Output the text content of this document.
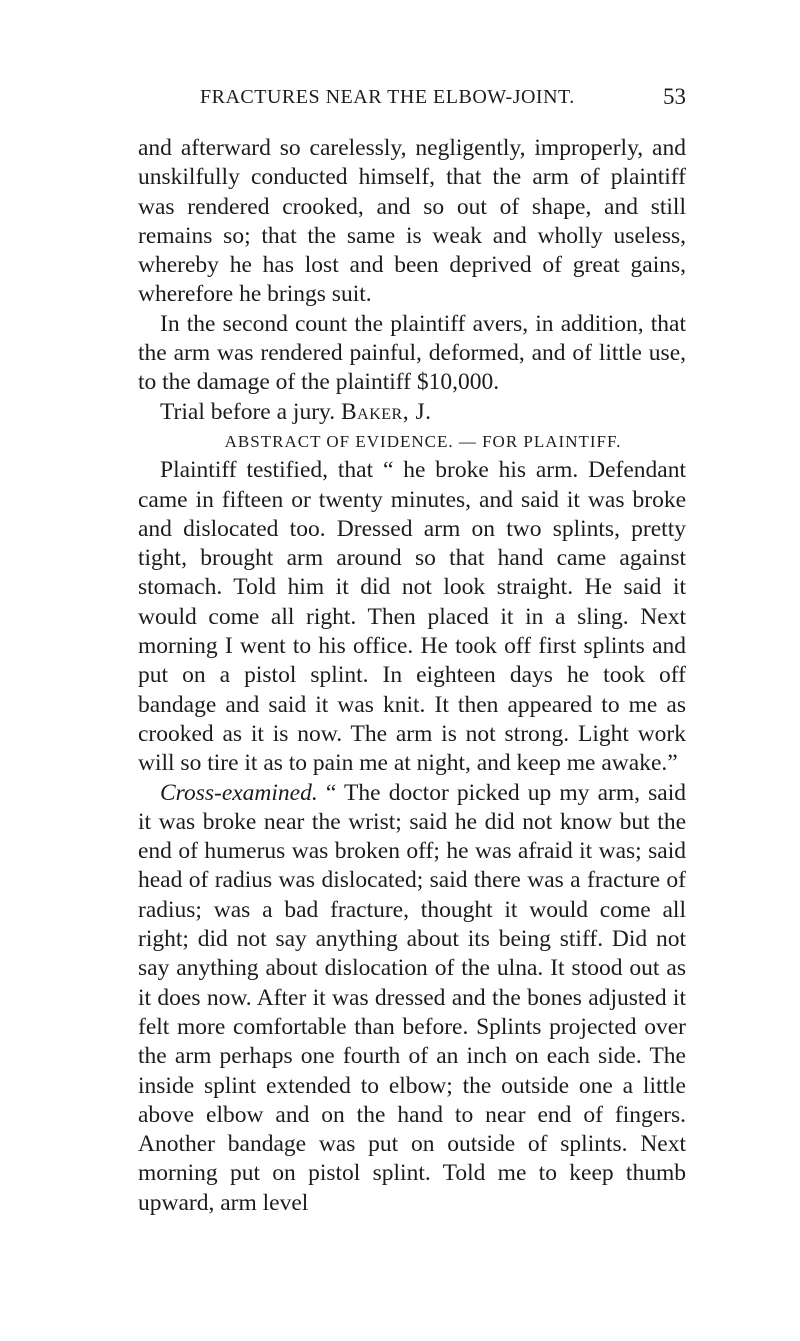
FRACTURES NEAR THE ELBOW-JOINT.	53

and afterward so carelessly, negligently, improperly, and unskilfully conducted himself, that the arm of plaintiff was rendered crooked, and so out of shape, and still remains so; that the same is weak and wholly useless, whereby he has lost and been deprived of great gains, wherefore he brings suit.

In the second count the plaintiff avers, in addition, that the arm was rendered painful, deformed, and of little use, to the damage of the plaintiff $10,000.

Trial before a jury. Baker, J.

ABSTRACT OF EVIDENCE. — FOR PLAINTIFF.

Plaintiff testified, that “ he broke his arm. Defendant came in fifteen or twenty minutes, and said it was broke and dislocated too. Dressed arm on two splints, pretty tight, brought arm around so that hand came against stomach. Told him it did not look straight. He said it would come all right. Then placed it in a sling. Next morning I went to his office. He took off first splints and put on a pistol splint. In eighteen days he took off bandage and said it was knit. It then appeared to me as crooked as it is now. The arm is not strong. Light work will so tire it as to pain me at night, and keep me awake.”

Cross-examined. “ The doctor picked up my arm, said it was broke near the wrist; said he did not know but the end of humerus was broken off; he was afraid it was; said head of radius was dislocated; said there was a fracture of radius; was a bad fracture, thought it would come all right; did not say anything about its being stiff. Did not say anything about dislocation of the ulna. It stood out as it does now. After it was dressed and the bones adjusted it felt more comfortable than before. Splints projected over the arm perhaps one fourth of an inch on each side. The inside splint extended to elbow; the outside one a little above elbow and on the hand to near end of fingers. Another bandage was put on outside of splints. Next morning put on pistol splint. Told me to keep thumb upward, arm level
